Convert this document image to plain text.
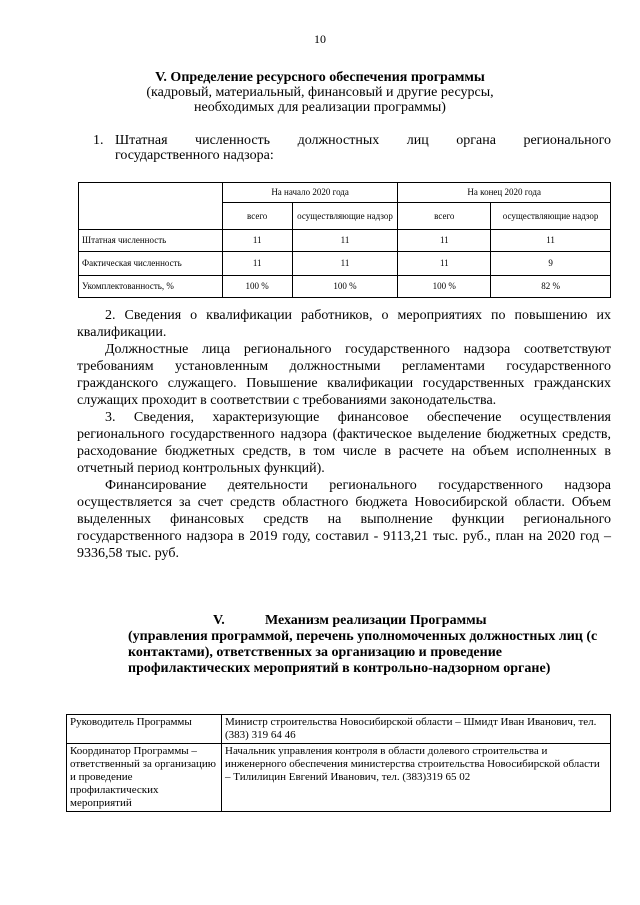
10
V. Определение ресурсного обеспечения программы
(кадровый, материальный, финансовый и другие ресурсы,
необходимых для реализации программы)
1. Штатная численность должностных лиц органа регионального
государственного надзора:
	На начало 2020 года		На конец 2020 года	
	всего	осуществляющие надзор	всего	осуществляющие надзор
Штатная численность	11	11	11	11
Фактическая численность	11	11	11	9
Укомплектованность, %	100 %	100 %	100 %	82 %

2. Сведения о квалификации работников, о мероприятиях по повышению их квалификации.

Должностные лица регионального государственного надзора соответствуют требованиям установленным должностными регламентами государственного гражданского служащего. Повышение квалификации государственных гражданских служащих проходит в соответствии с требованиями законодательства.

3. Сведения, характеризующие финансовое обеспечение осуществления регионального государственного надзора (фактическое выделение бюджетных средств, расходование бюджетных средств, в том числе в расчете на объем исполненных в отчетный период контрольных функций).

Финансирование деятельности регионального государственного надзора осуществляется за счет средств областного бюджета Новосибирской области. Объем выделенных финансовых средств на выполнение функции регионального государственного надзора в 2019 году, составил - 9113,21 тыс. руб., план на 2020 год – 9336,58 тыс. руб.

V.	Механизм реализации Программы
(управления программой, перечень уполномоченных должностных лиц (с контактами), ответственных за организацию и проведение профилактических мероприятий в контрольно-надзорном органе)
Руководитель Программы	Министр строительства Новосибирской области – Шмидт Иван Иванович, тел. (383) 319 64 46
Координатор Программы – ответственный за организацию и проведение профилактических мероприятий	Начальник управления контроля в области долевого строительства и инженерного обеспечения министерства строительства Новосибирской области – Тилилицин Евгений Иванович, тел. (383)319 65 02
